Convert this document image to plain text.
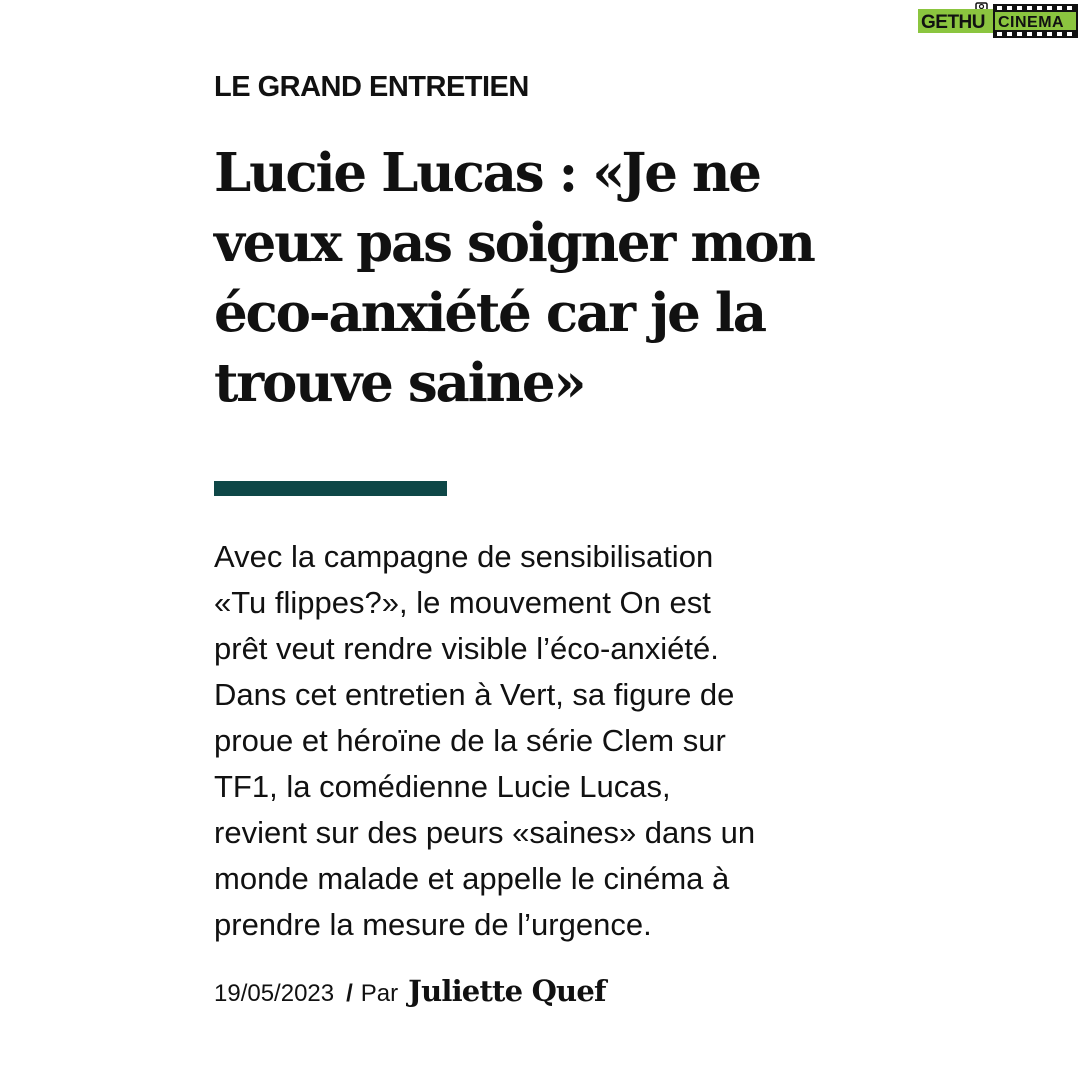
GETHU CINEMA
LE GRAND ENTRETIEN
Lucie Lucas : «Je ne
veux pas soigner mon
éco-anxiété car je la
trouve saine»

Avec la campagne de sensibilisation
«Tu flippes?», le mouvement On est
prêt veut rendre visible l’éco-anxiété.
Dans cet entretien à Vert, sa figure de
proue et héroïne de la série Clem sur
TF1, la comédienne Lucie Lucas,
revient sur des peurs «saines» dans un
monde malade et appelle le cinéma à
prendre la mesure de l’urgence.

19/05/2023 / Par Juliette Quef
